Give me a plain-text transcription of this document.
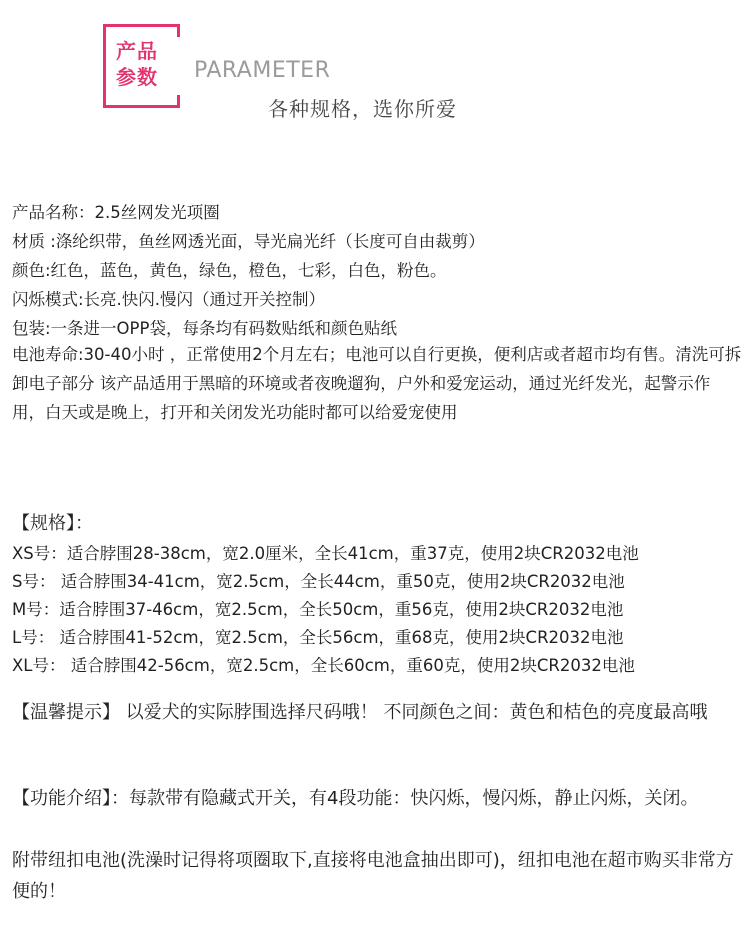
产品
参数	PARAMETER
各种规格，选你所爱
产品名称：2.5丝网发光项圈
材质 :涤纶织带，鱼丝网透光面，导光扁光纤（长度可自由裁剪）
颜色:红色，蓝色，黄色，绿色，橙色，七彩，白色，粉色。
闪烁模式:长亮.快闪.慢闪（通过开关控制）
包装:一条进一OPP袋，每条均有码数贴纸和颜色贴纸
电池寿命:30-40小时 ，正常使用2个月左右；电池可以自行更换，便利店或者超市均有售。清洗可拆卸电子部分 该产品适用于黑暗的环境或者夜晚遛狗，户外和爱宠运动，通过光纤发光，起警示作用，白天或是晚上，打开和关闭发光功能时都可以给爱宠使用
【规格】：
XS号：适合脖围28-38cm，宽2.0厘米，全长41cm，重37克，使用2块CR2032电池
S号： 适合脖围34-41cm，宽2.5cm，全长44cm，重50克，使用2块CR2032电池
M号：适合脖围37-46cm，宽2.5cm，全长50cm，重56克，使用2块CR2032电池
L号： 适合脖围41-52cm，宽2.5cm，全长56cm，重68克，使用2块CR2032电池
XL号： 适合脖围42-56cm，宽2.5cm，全长60cm，重60克，使用2块CR2032电池
【温馨提示】 以爱犬的实际脖围选择尺码哦！ 不同颜色之间：黄色和桔色的亮度最高哦
【功能介绍】：每款带有隐藏式开关，有4段功能：快闪烁，慢闪烁，静止闪烁，关闭。
附带纽扣电池(洗澡时记得将项圈取下,直接将电池盒抽出即可)，纽扣电池在超市购买非常方便的！
